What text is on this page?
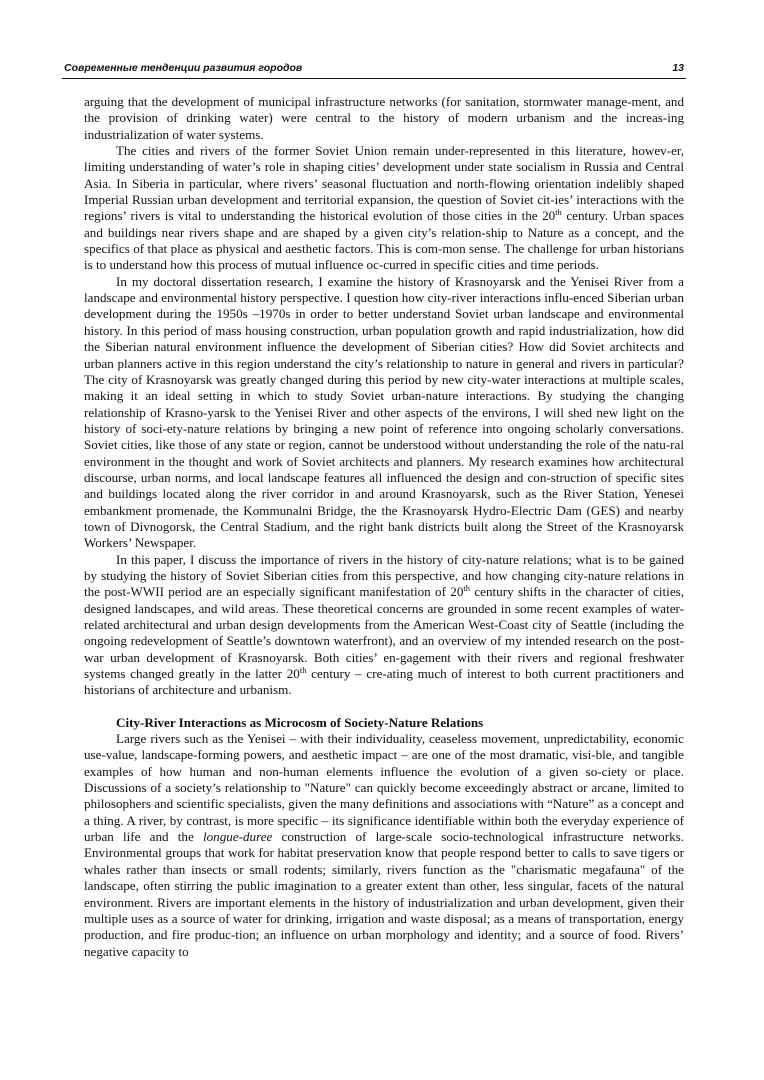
Современные тенденции развития городов	13

arguing that the development of municipal infrastructure networks (for sanitation, stormwater manage-ment, and the provision of drinking water) were central to the history of modern urbanism and the increas-ing industrialization of water systems.

The cities and rivers of the former Soviet Union remain under-represented in this literature, howev-er, limiting understanding of water’s role in shaping cities’ development under state socialism in Russia and Central Asia. In Siberia in particular, where rivers’ seasonal fluctuation and north-flowing orientation indelibly shaped Imperial Russian urban development and territorial expansion, the question of Soviet cit-ies’ interactions with the regions’ rivers is vital to understanding the historical evolution of those cities in the 20th century. Urban spaces and buildings near rivers shape and are shaped by a given city’s relation-ship to Nature as a concept, and the specifics of that place as physical and aesthetic factors. This is com-mon sense. The challenge for urban historians is to understand how this process of mutual influence oc-curred in specific cities and time periods.

In my doctoral dissertation research, I examine the history of Krasnoyarsk and the Yenisei River from a landscape and environmental history perspective. I question how city-river interactions influ-enced Siberian urban development during the 1950s –1970s in order to better understand Soviet urban landscape and environmental history. In this period of mass housing construction, urban population growth and rapid industrialization, how did the Siberian natural environment influence the development of Siberian cities? How did Soviet architects and urban planners active in this region understand the city’s relationship to nature in general and rivers in particular? The city of Krasnoyarsk was greatly changed during this period by new city-water interactions at multiple scales, making it an ideal setting in which to study Soviet urban-nature interactions. By studying the changing relationship of Krasno-yarsk to the Yenisei River and other aspects of the environs, I will shed new light on the history of soci-ety-nature relations by bringing a new point of reference into ongoing scholarly conversations. Soviet cities, like those of any state or region, cannot be understood without understanding the role of the natu-ral environment in the thought and work of Soviet architects and planners. My research examines how architectural discourse, urban norms, and local landscape features all influenced the design and con-struction of specific sites and buildings located along the river corridor in and around Krasnoyarsk, such as the River Station, Yenesei embankment promenade, the Kommunalni Bridge, the the Krasnoyarsk Hydro-Electric Dam (GES) and nearby town of Divnogorsk, the Central Stadium, and the right bank districts built along the Street of the Krasnoyarsk Workers’ Newspaper.

In this paper, I discuss the importance of rivers in the history of city-nature relations; what is to be gained by studying the history of Soviet Siberian cities from this perspective, and how changing city-nature relations in the post-WWII period are an especially significant manifestation of 20th century shifts in the character of cities, designed landscapes, and wild areas. These theoretical concerns are grounded in some recent examples of water-related architectural and urban design developments from the American West-Coast city of Seattle (including the ongoing redevelopment of Seattle’s downtown waterfront), and an overview of my intended research on the post-war urban development of Krasnoyarsk. Both cities’ en-gagement with their rivers and regional freshwater systems changed greatly in the latter 20th century – cre-ating much of interest to both current practitioners and historians of architecture and urbanism.

City-River Interactions as Microcosm of Society-Nature Relations

Large rivers such as the Yenisei – with their individuality, ceaseless movement, unpredictability, economic use-value, landscape-forming powers, and aesthetic impact – are one of the most dramatic, visi-ble, and tangible examples of how human and non-human elements influence the evolution of a given so-ciety or place. Discussions of a society’s relationship to "Nature" can quickly become exceedingly abstract or arcane, limited to philosophers and scientific specialists, given the many definitions and associations with “Nature” as a concept and a thing. A river, by contrast, is more specific – its significance identifiable within both the everyday experience of urban life and the longue-duree construction of large-scale socio-technological infrastructure networks. Environmental groups that work for habitat preservation know that people respond better to calls to save tigers or whales rather than insects or small rodents; similarly, rivers function as the "charismatic megafauna" of the landscape, often stirring the public imagination to a greater extent than other, less singular, facets of the natural environment. Rivers are important elements in the history of industrialization and urban development, given their multiple uses as a source of water for drinking, irrigation and waste disposal; as a means of transportation, energy production, and fire produc-tion; an influence on urban morphology and identity; and a source of food. Rivers’ negative capacity to
